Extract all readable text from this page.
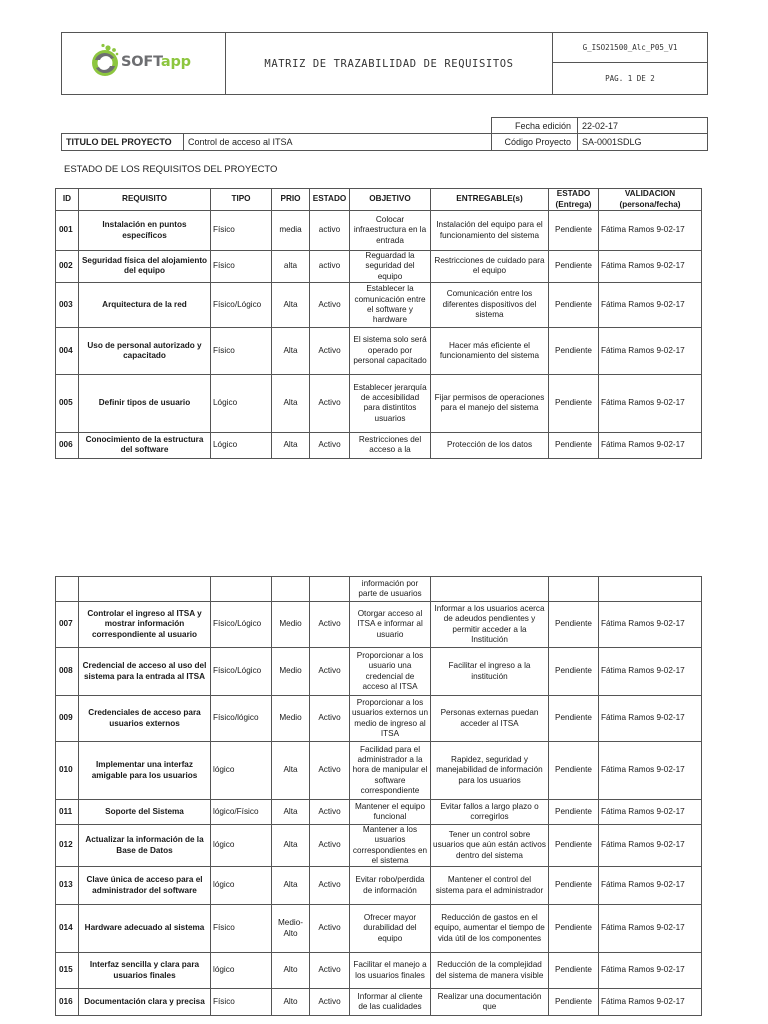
SOFTapp	MATRIZ DE TRAZABILIDAD DE REQUISITOS
G_ISO21500_Alc_P05_V1
PAG. 1 DE 2
Fecha edición	22-02-17
TITULO DEL PROYECTO	Control de acceso al ITSA	Código Proyecto	SA-0001SDLG
ESTADO DE LOS REQUISITOS DEL PROYECTO
ID	REQUISITO	TIPO	PRIO	ESTADO	OBJETIVO	ENTREGABLE(s)	ESTADO (Entrega)	VALIDACION (persona/fecha)
001	Instalación en puntos específicos	Físico	media	activo	Colocar infraestructura en la entrada	Instalación del equipo para el funcionamiento del sistema	Pendiente	Fátima Ramos 9-02-17
002	Seguridad física del alojamiento del equipo	Físico	alta	activo	Reguardad la seguridad del equipo	Restricciones de cuidado para el equipo	Pendiente	Fátima Ramos 9-02-17
003	Arquitectura de la red	Físico/Lógico	Alta	Activo	Establecer la comunicación entre el software y hardware	Comunicación entre los diferentes dispositivos del sistema	Pendiente	Fátima Ramos 9-02-17
004	Uso de personal autorizado y capacitado	Físico	Alta	Activo	El sistema solo será operado por personal capacitado	Hacer más eficiente el funcionamiento del sistema	Pendiente	Fátima Ramos 9-02-17
005	Definir tipos de usuario	Lógico	Alta	Activo	Establecer jerarquía de accesibilidad para distintitos usuarios	Fijar permisos de operaciones para el manejo del sistema	Pendiente	Fátima Ramos 9-02-17
006	Conocimiento de la estructura del software	Lógico	Alta	Activo	Restricciones del acceso a la	Protección de los datos	Pendiente	Fátima Ramos 9-02-17
					información por parte de usuarios			
007	Controlar el ingreso al ITSA y mostrar información correspondiente al usuario	Físico/Lógico	Medio	Activo	Otorgar acceso al ITSA e informar al usuario	Informar a los usuarios acerca de adeudos pendientes y permitir acceder a la Institución	Pendiente	Fátima Ramos 9-02-17
008	Credencial de acceso al uso del sistema para la entrada al ITSA	Físico/Lógico	Medio	Activo	Proporcionar a los usuario una credencial de acceso al ITSA	Facilitar el ingreso a la institución	Pendiente	Fátima Ramos 9-02-17
009	Credenciales de acceso para usuarios externos	Físico/lógico	Medio	Activo	Proporcionar a los usuarios externos un medio de ingreso al ITSA	Personas externas puedan acceder al ITSA	Pendiente	Fátima Ramos 9-02-17
010	Implementar una interfaz amigable para los usuarios	lógico	Alta	Activo	Facilidad para el administrador a la hora de manipular el software correspondiente	Rapidez, seguridad y manejabilidad de información para los usuarios	Pendiente	Fátima Ramos 9-02-17
011	Soporte del Sistema	lógico/Físico	Alta	Activo	Mantener el equipo funcional	Evitar fallos a largo plazo o corregirlos	Pendiente	Fátima Ramos 9-02-17
012	Actualizar la información de la Base de Datos	lógico	Alta	Activo	Mantener a los usuarios correspondientes en el sistema	Tener un control sobre usuarios que aún están activos dentro del sistema	Pendiente	Fátima Ramos 9-02-17
013	Clave única de acceso para el administrador del software	lógico	Alta	Activo	Evitar robo/perdida de información	Mantener el control del sistema para el administrador	Pendiente	Fátima Ramos 9-02-17
014	Hardware adecuado al sistema	Físico	Medio-Alto	Activo	Ofrecer mayor durabilidad del equipo	Reducción de gastos en el equipo, aumentar el tiempo de vida útil de los componentes	Pendiente	Fátima Ramos 9-02-17
015	Interfaz sencilla y clara para usuarios finales	lógico	Alto	Activo	Facilitar el manejo a los usuarios finales	Reducción de la complejidad del sistema de manera visible	Pendiente	Fátima Ramos 9-02-17
016	Documentación clara y precisa	Físico	Alto	Activo	Informar al cliente de las cualidades	Realizar una documentación que	Pendiente	Fátima Ramos 9-02-17
